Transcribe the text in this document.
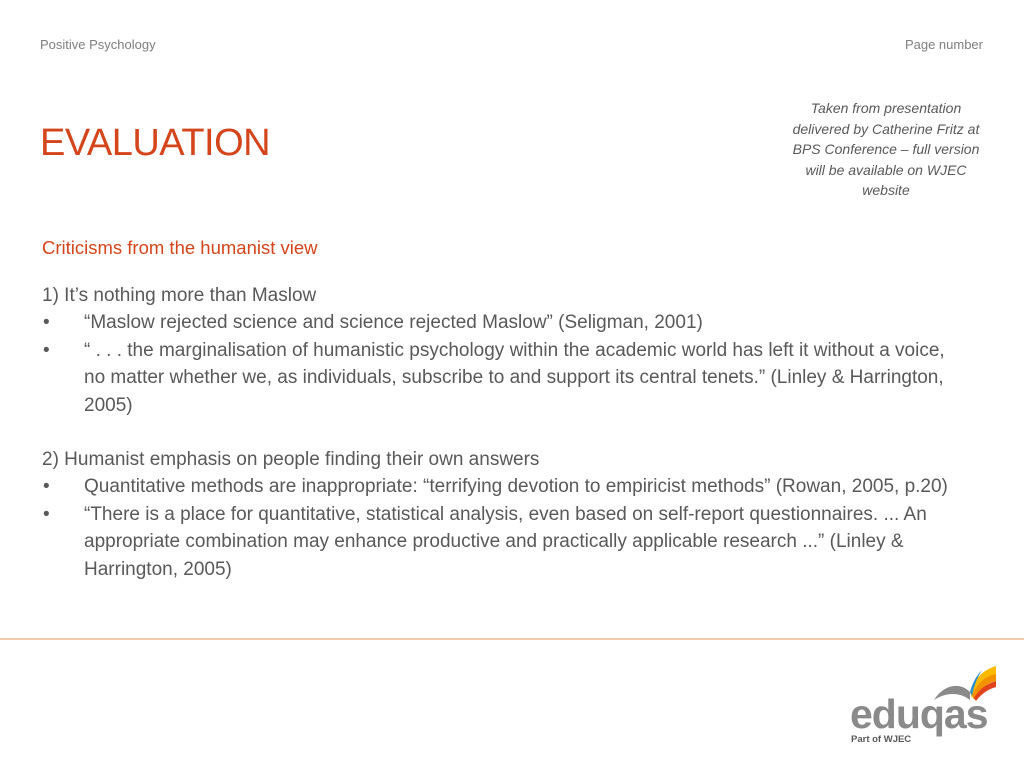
Positive Psychology	Page number
EVALUATION
Taken from presentation delivered by Catherine Fritz at BPS Conference – full version will be available on WJEC website
Criticisms from the humanist view

1) It’s nothing more than Maslow

•	“Maslow rejected science and science rejected Maslow” (Seligman, 2001)
•	“ . . . the marginalisation of humanistic psychology within the academic world has left it without a voice, no matter whether we, as individuals, subscribe to and support its central tenets.” (Linley & Harrington, 2005)

2) Humanist emphasis on people finding their own answers

•	Quantitative methods are inappropriate: “terrifying devotion to empiricist methods” (Rowan, 2005, p.20)
•	“There is a place for quantitative, statistical analysis, even based on self-report questionnaires. ... An appropriate combination may enhance productive and practically applicable research ...” (Linley & Harrington, 2005)
eduqas
Part of WJEC
